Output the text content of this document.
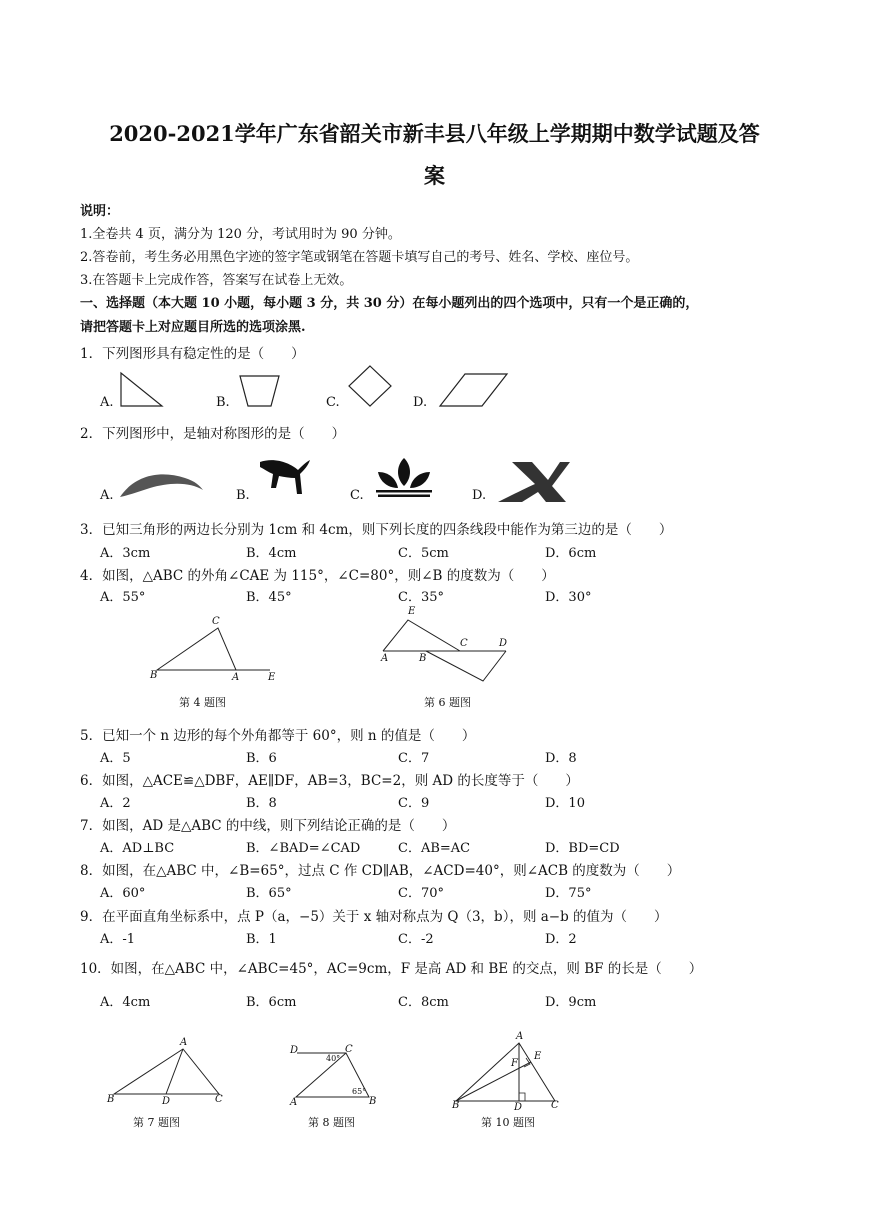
2020-2021学年广东省韶关市新丰县八年级上学期期中数学试题及答
案
说明：
1.全卷共 4 页，满分为 120 分，考试用时为 90 分钟。
2.答卷前，考生务必用黑色字迹的签字笔或钢笔在答题卡填写自己的考号、姓名、学校、座位号。
3.在答题卡上完成作答，答案写在试卷上无效。
一、选择题（本大题 10 小题，每小题 3 分，共 30 分）在每小题列出的四个选项中，只有一个是正确的，
请把答题卡上对应题目所选的选项涂黑.
1．下列图形具有稳定性的是（　　）
A.	B.	C.	D.
2．下列图形中，是轴对称图形的是（　　）
A.	B.	C.	D.
3．已知三角形的两边长分别为 1cm 和 4cm，则下列长度的四条线段中能作为第三边的是（　　）
A．3cm	B．4cm	C．5cm	D．6cm
4．如图，△ABC 的外角∠CAE 为 115°，∠C=80°，则∠B 的度数为（　　）
A．55°	B．45°	C．35°	D．30°
C
B	A	E
第 4 题图
E
A	B
C	D
第 6 题图
5．已知一个 n 边形的每个外角都等于 60°，则 n 的值是（　　）
A．5	B．6	C．7	D．8
6．如图，△ACE≌△DBF，AE∥DF，AB=3，BC=2，则 AD 的长度等于（　　）
A．2	B．8	C．9	D．10
7．如图，AD 是△ABC 的中线，则下列结论正确的是（　　）
A．AD⊥BC	B．∠BAD=∠CAD	C．AB=AC	D．BD=CD
8．如图，在△ABC 中，∠B=65°，过点 C 作 CD∥AB，∠ACD=40°，则∠ACB 的度数为（　　）
A．60°	B．65°	C．70°	D．75°
9．在平面直角坐标系中，点 P（a，−5）关于 x 轴对称点为 Q（3，b），则 a−b 的值为（　　）
A．-1	B．1	C．-2	D．2
10．如图，在△ABC 中，∠ABC=45°，AC=9cm，F 是高 AD 和 BE 的交点，则 BF 的长是（　　）
A．4cm	B．6cm	C．8cm	D．9cm
A
B	D	C
第 7 题图
D	C
40°
A
65°
B
第 8 题图
A
E
F
B	D	C
第 10 题图
